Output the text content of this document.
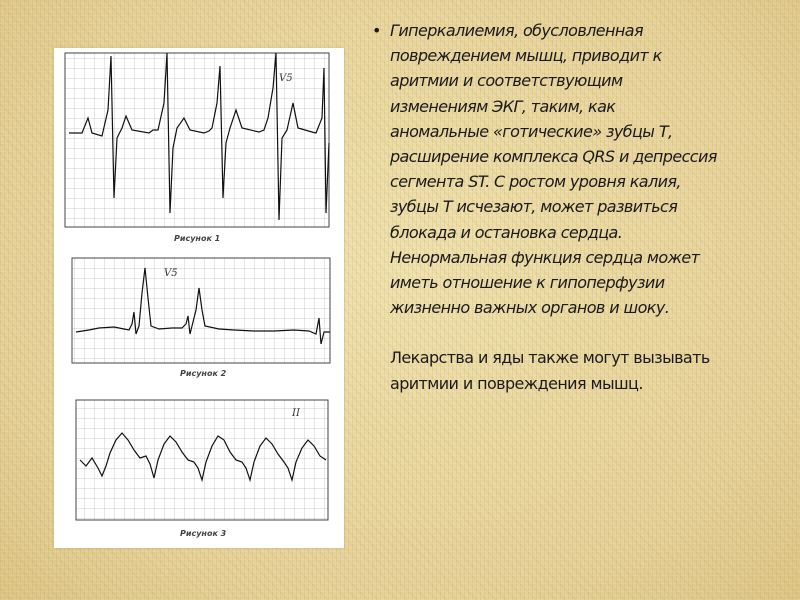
V5
V5
II
Рисунок 1
Рисунок 2
Рисунок 3
• Гиперкалиемия, обусловленная
повреждением мышц, приводит к
аритмии и соответствующим
изменениям ЭКГ, таким, как
аномальные «готические» зубцы Т,
расширение комплекса QRS и депрессия
сегмента ST. С ростом уровня калия,
зубцы Т исчезают, может развиться
блокада и остановка сердца.
Ненормальная функция сердца может
иметь отношение к гипоперфузии
жизненно важных органов и шоку.
Лекарства и яды также могут вызывать
аритмии и повреждения мышц.
